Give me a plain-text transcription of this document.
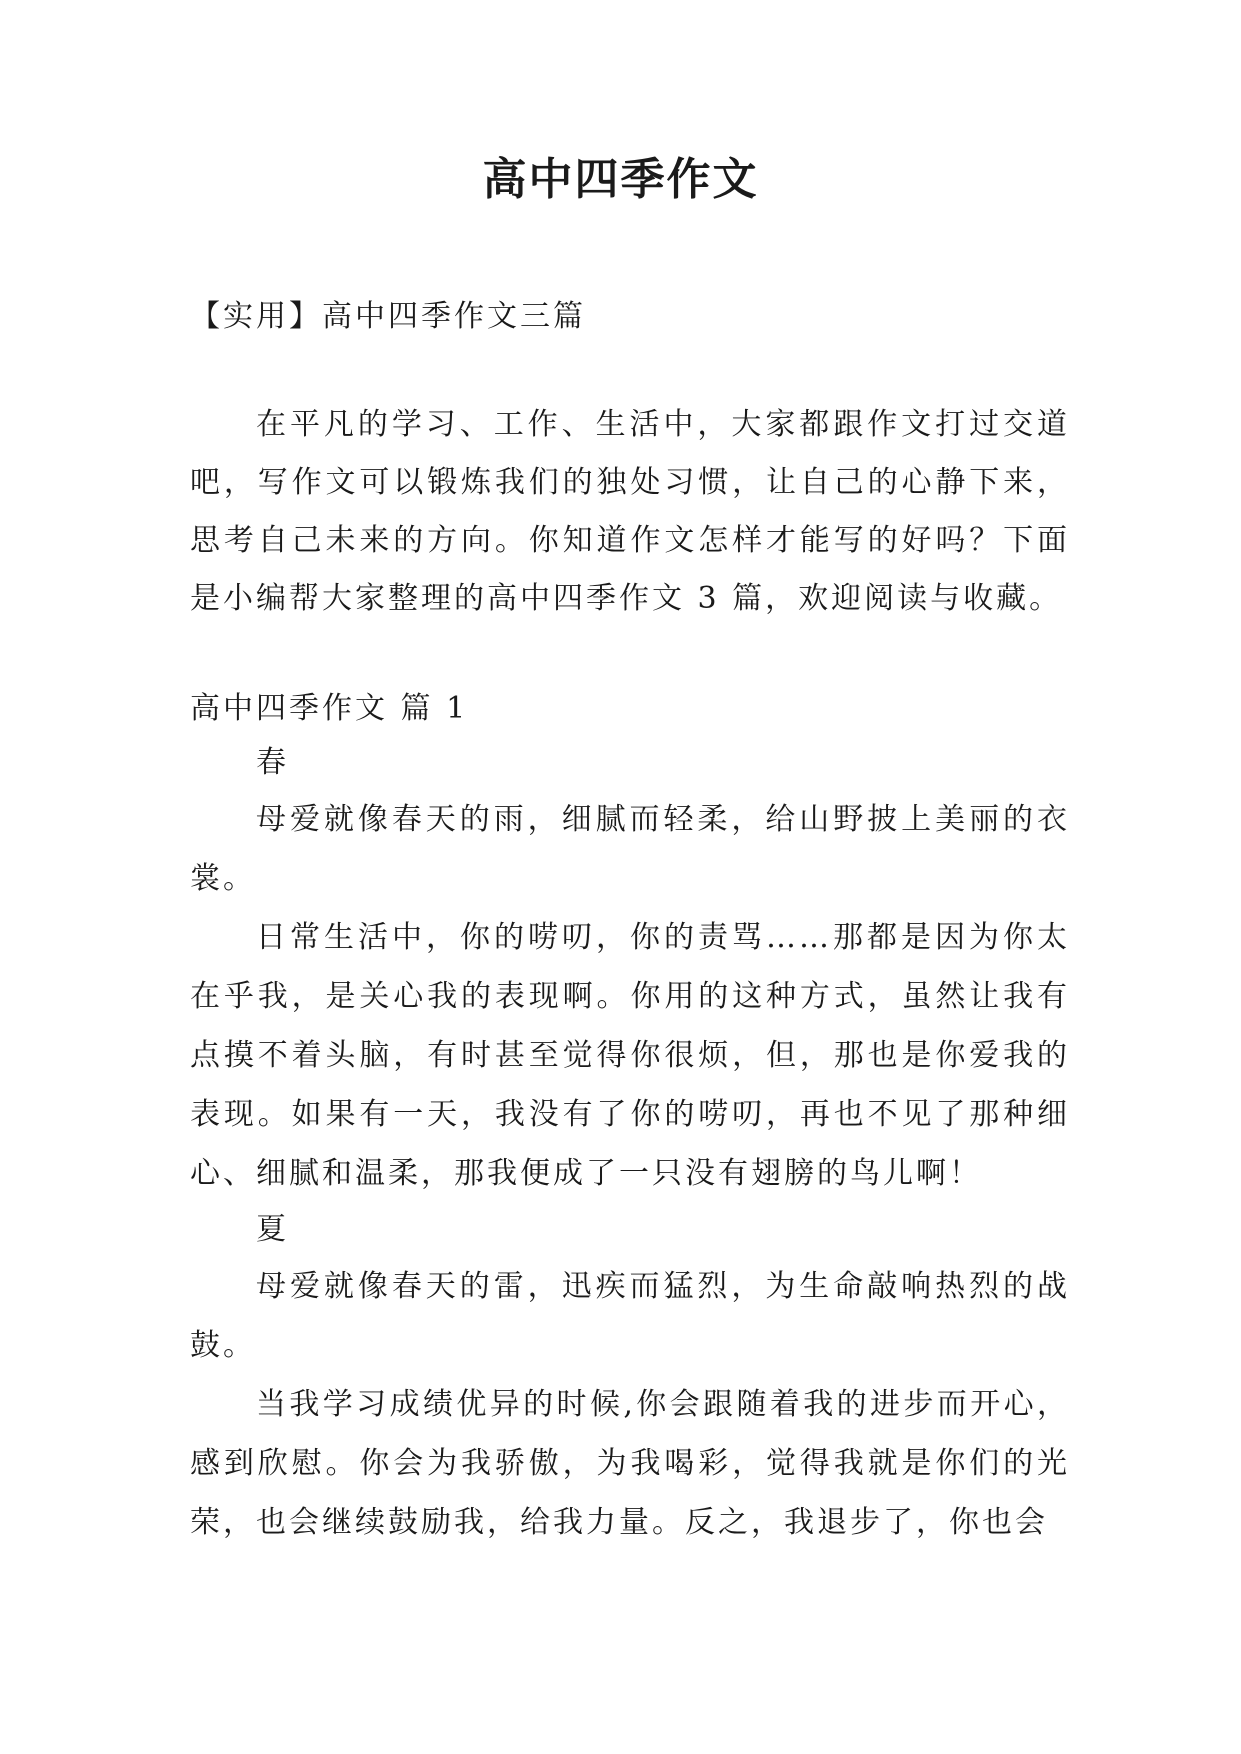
高中四季作文

【实用】高中四季作文三篇

在平凡的学习、工作、生活中，大家都跟作文打过交道吧，写作文可以锻炼我们的独处习惯，让自己的心静下来，思考自己未来的方向。你知道作文怎样才能写的好吗？下面是小编帮大家整理的高中四季作文 3 篇，欢迎阅读与收藏。

高中四季作文 篇 1

春

母爱就像春天的雨，细腻而轻柔，给山野披上美丽的衣裳。

日常生活中，你的唠叨，你的责骂……那都是因为你太在乎我，是关心我的表现啊。你用的这种方式，虽然让我有点摸不着头脑，有时甚至觉得你很烦，但，那也是你爱我的表现。如果有一天，我没有了你的唠叨，再也不见了那种细心、细腻和温柔，那我便成了一只没有翅膀的鸟儿啊！

夏

母爱就像春天的雷，迅疾而猛烈，为生命敲响热烈的战鼓。

当我学习成绩优异的时候,你会跟随着我的进步而开心，感到欣慰。你会为我骄傲，为我喝彩，觉得我就是你们的光荣，也会继续鼓励我，给我力量。反之，我退步了，你也会
